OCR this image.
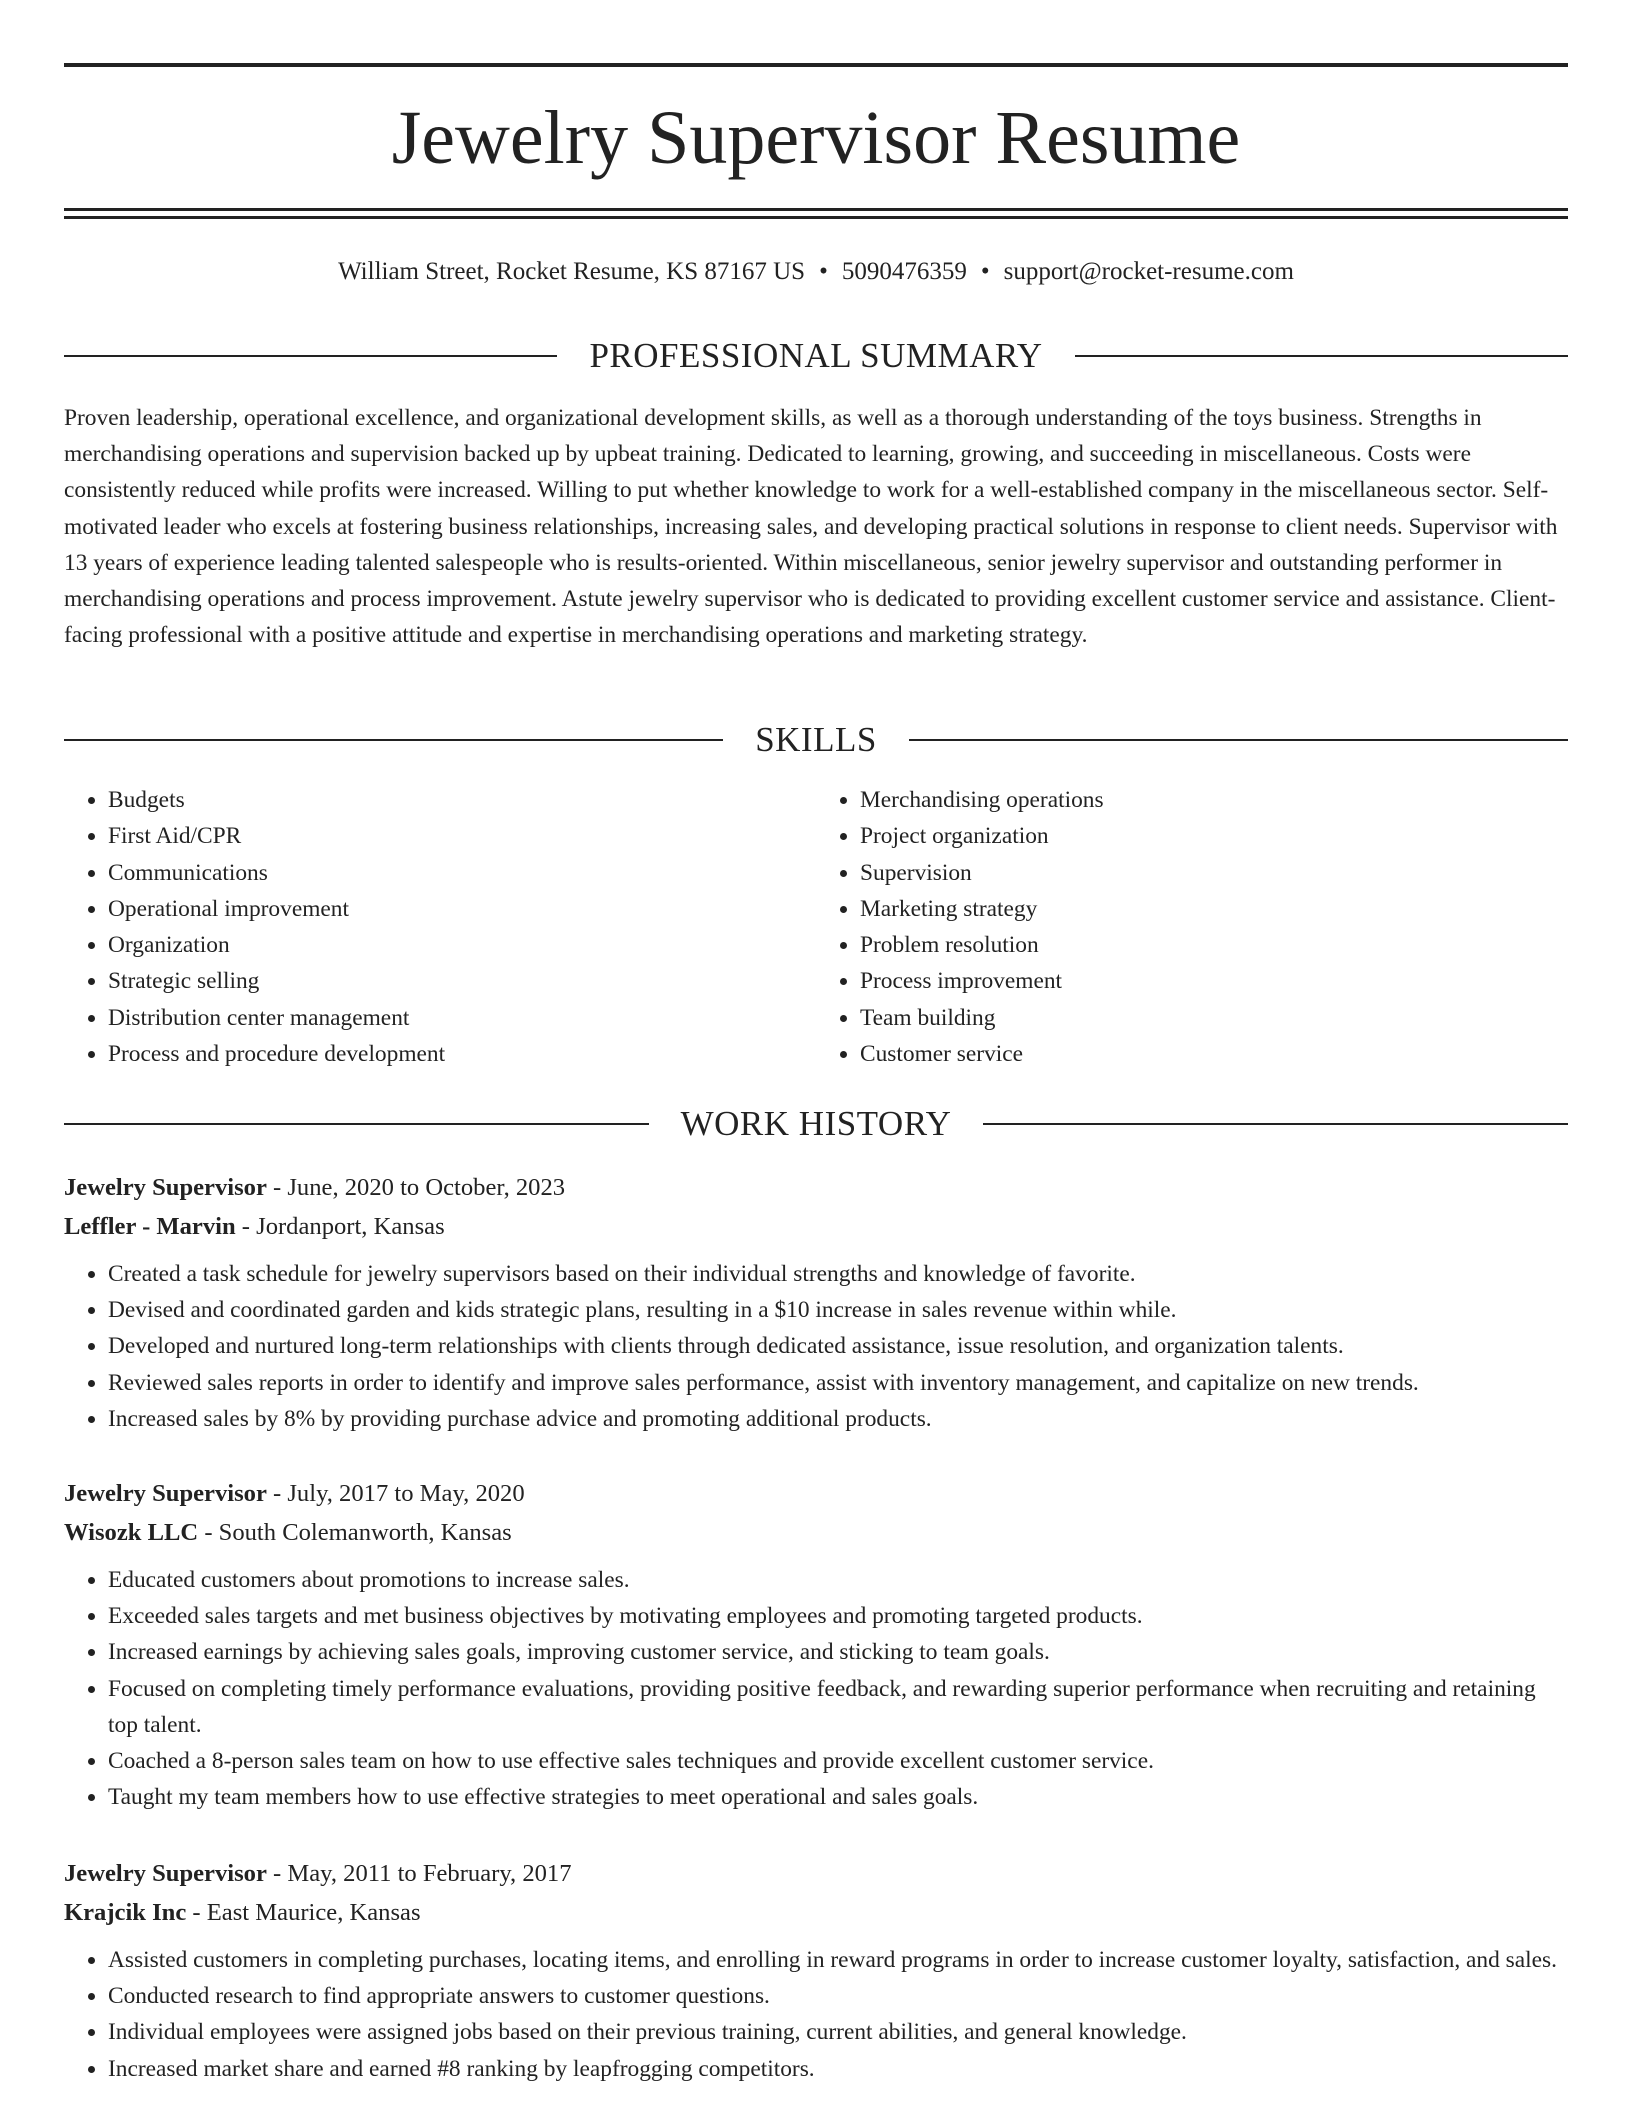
Jewelry Supervisor Resume
William Street, Rocket Resume, KS 87167 US • 5090476359 • support@rocket-resume.com
PROFESSIONAL SUMMARY

Proven leadership, operational excellence, and organizational development skills, as well as a thorough understanding of the toys business. Strengths in merchandising operations and supervision backed up by upbeat training. Dedicated to learning, growing, and succeeding in miscellaneous. Costs were consistently reduced while profits were increased. Willing to put whether knowledge to work for a well-established company in the miscellaneous sector. Self-motivated leader who excels at fostering business relationships, increasing sales, and developing practical solutions in response to client needs. Supervisor with 13 years of experience leading talented salespeople who is results-oriented. Within miscellaneous, senior jewelry supervisor and outstanding performer in merchandising operations and process improvement. Astute jewelry supervisor who is dedicated to providing excellent customer service and assistance. Client-facing professional with a positive attitude and expertise in merchandising operations and marketing strategy.

SKILLS
• Budgets
• First Aid/CPR
• Communications
• Operational improvement
• Organization
• Strategic selling
• Distribution center management
• Process and procedure development
• Merchandising operations
• Project organization
• Supervision
• Marketing strategy
• Problem resolution
• Process improvement
• Team building
• Customer service
WORK HISTORY
Jewelry Supervisor - June, 2020 to October, 2023
Leffler - Marvin - Jordanport, Kansas
• Created a task schedule for jewelry supervisors based on their individual strengths and knowledge of favorite.
• Devised and coordinated garden and kids strategic plans, resulting in a $10 increase in sales revenue within while.
• Developed and nurtured long-term relationships with clients through dedicated assistance, issue resolution, and organization talents.
• Reviewed sales reports in order to identify and improve sales performance, assist with inventory management, and capitalize on new trends.
• Increased sales by 8% by providing purchase advice and promoting additional products.
Jewelry Supervisor - July, 2017 to May, 2020
Wisozk LLC - South Colemanworth, Kansas
• Educated customers about promotions to increase sales.
• Exceeded sales targets and met business objectives by motivating employees and promoting targeted products.
• Increased earnings by achieving sales goals, improving customer service, and sticking to team goals.
• Focused on completing timely performance evaluations, providing positive feedback, and rewarding superior performance when recruiting and retaining top talent.
• Coached a 8-person sales team on how to use effective sales techniques and provide excellent customer service.
• Taught my team members how to use effective strategies to meet operational and sales goals.
Jewelry Supervisor - May, 2011 to February, 2017
Krajcik Inc - East Maurice, Kansas
• Assisted customers in completing purchases, locating items, and enrolling in reward programs in order to increase customer loyalty, satisfaction, and sales.
• Conducted research to find appropriate answers to customer questions.
• Individual employees were assigned jobs based on their previous training, current abilities, and general knowledge.
• Increased market share and earned #8 ranking by leapfrogging competitors.
